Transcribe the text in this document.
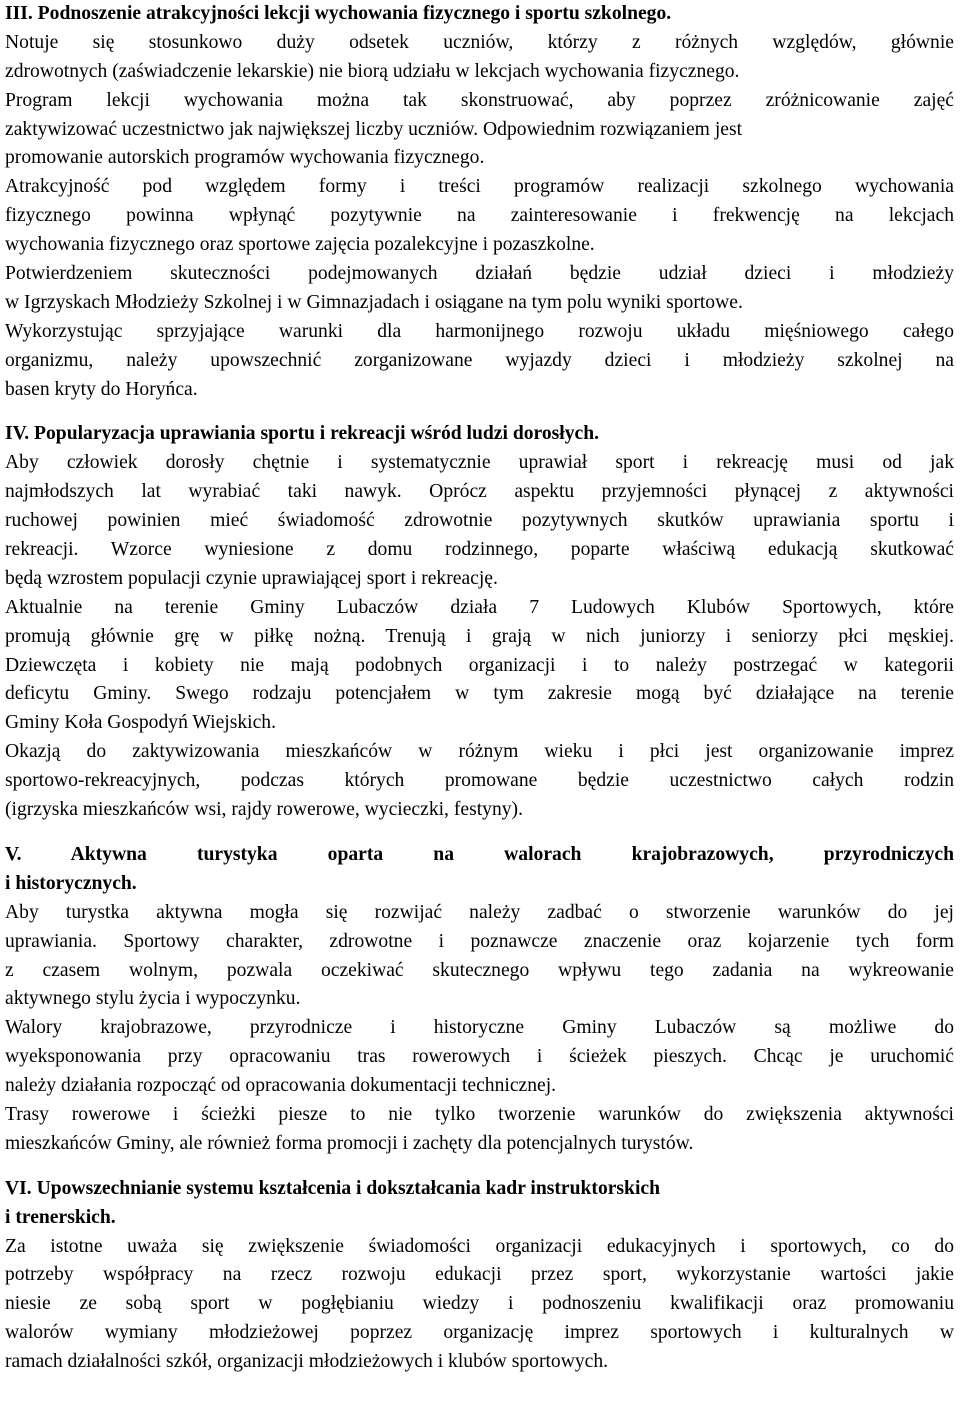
III. Podnoszenie atrakcyjności lekcji wychowania fizycznego i sportu szkolnego.
Notuje się stosunkowo duży odsetek uczniów, którzy z różnych względów, głównie
zdrowotnych (zaświadczenie lekarskie) nie biorą udziału w lekcjach wychowania fizycznego.
Program lekcji wychowania można tak skonstruować, aby poprzez zróżnicowanie zajęć
zaktywizować uczestnictwo jak największej liczby uczniów. Odpowiednim rozwiązaniem jest
promowanie autorskich programów wychowania fizycznego.
Atrakcyjność pod względem formy i treści programów realizacji szkolnego wychowania
fizycznego powinna wpłynąć pozytywnie na zainteresowanie i frekwencję na lekcjach
wychowania fizycznego oraz sportowe zajęcia pozalekcyjne i pozaszkolne.
Potwierdzeniem skuteczności podejmowanych działań będzie udział dzieci i młodzieży
w Igrzyskach Młodzieży Szkolnej i w Gimnazjadach i osiągane na tym polu wyniki sportowe.
Wykorzystując sprzyjające warunki dla harmonijnego rozwoju układu mięśniowego całego
organizmu, należy upowszechnić zorganizowane wyjazdy dzieci i młodzieży szkolnej na
basen kryty do Horyńca.
IV. Popularyzacja uprawiania sportu i rekreacji wśród ludzi dorosłych.
Aby człowiek dorosły chętnie i systematycznie uprawiał sport i rekreację musi od jak
najmłodszych lat wyrabiać taki nawyk. Oprócz aspektu przyjemności płynącej z aktywności
ruchowej powinien mieć świadomość zdrowotnie pozytywnych skutków uprawiania sportu i
rekreacji. Wzorce wyniesione z domu rodzinnego, poparte właściwą edukacją skutkować
będą wzrostem populacji czynie uprawiającej sport i rekreację.
Aktualnie na terenie Gminy Lubaczów działa 7 Ludowych Klubów Sportowych, które
promują głównie grę w piłkę nożną. Trenują i grają w nich juniorzy i seniorzy płci męskiej.
Dziewczęta i kobiety nie mają podobnych organizacji i to należy postrzegać w kategorii
deficytu Gminy. Swego rodzaju potencjałem w tym zakresie mogą być działające na terenie
Gminy Koła Gospodyń Wiejskich.
Okazją do zaktywizowania mieszkańców w różnym wieku i płci jest organizowanie imprez
sportowo-rekreacyjnych, podczas których promowane będzie uczestnictwo całych rodzin
(igrzyska mieszkańców wsi, rajdy rowerowe, wycieczki, festyny).
V. Aktywna turystyka oparta na walorach krajobrazowych, przyrodniczych
i historycznych.
Aby turystka aktywna mogła się rozwijać należy zadbać o stworzenie warunków do jej
uprawiania. Sportowy charakter, zdrowotne i poznawcze znaczenie oraz kojarzenie tych form
z czasem wolnym, pozwala oczekiwać skutecznego wpływu tego zadania na wykreowanie
aktywnego stylu życia i wypoczynku.
Walory krajobrazowe, przyrodnicze i historyczne Gminy Lubaczów są możliwe do
wyeksponowania przy opracowaniu tras rowerowych i ścieżek pieszych. Chcąc je uruchomić
należy działania rozpocząć od opracowania dokumentacji technicznej.
Trasy rowerowe i ścieżki piesze to nie tylko tworzenie warunków do zwiększenia aktywności
mieszkańców Gminy, ale również forma promocji i zachęty dla potencjalnych turystów.
VI. Upowszechnianie systemu kształcenia i dokształcania kadr instruktorskich
i trenerskich.
Za istotne uważa się zwiększenie świadomości organizacji edukacyjnych i sportowych, co do
potrzeby współpracy na rzecz rozwoju edukacji przez sport, wykorzystanie wartości jakie
niesie ze sobą sport w pogłębianiu wiedzy i podnoszeniu kwalifikacji oraz promowaniu
walorów wymiany młodzieżowej poprzez organizację imprez sportowych i kulturalnych w
ramach działalności szkół, organizacji młodzieżowych i klubów sportowych.
